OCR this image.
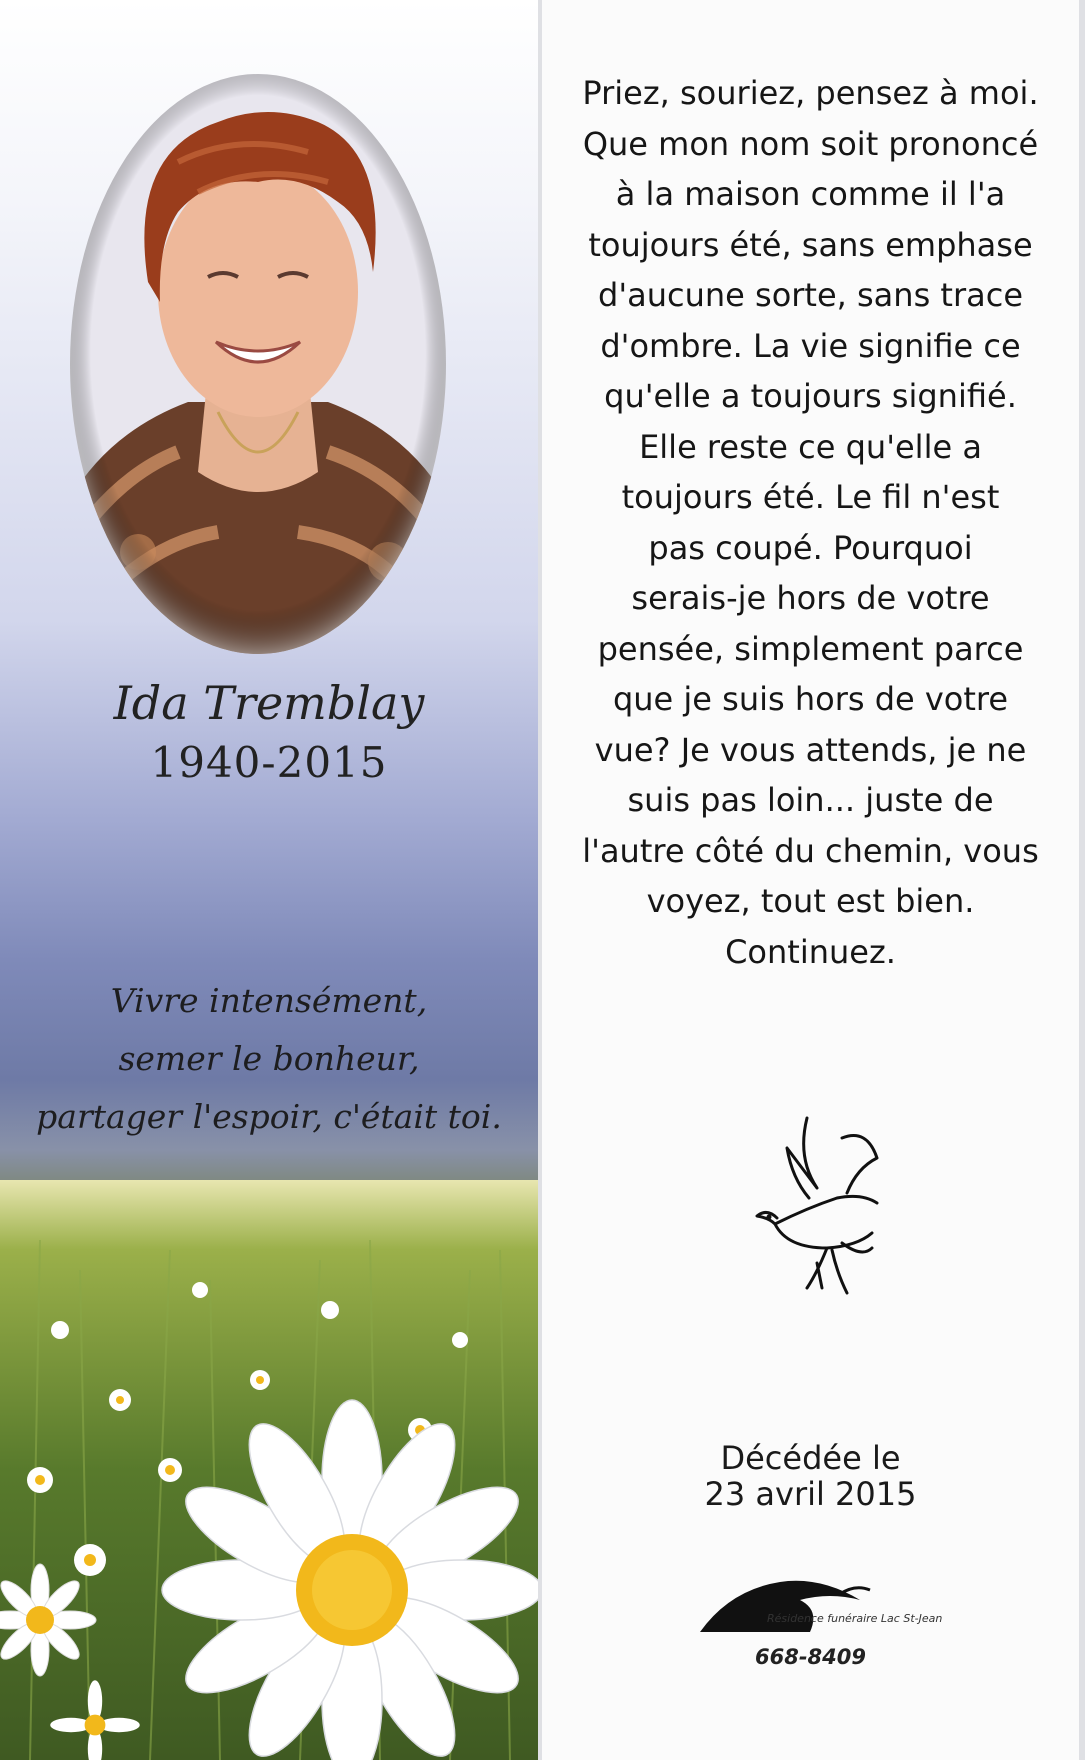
Ida Tremblay
1940-2015
Vivre intensément,
semer le bonheur,
partager l'espoir, c'était toi.
Priez, souriez, pensez à moi.
Que mon nom soit prononcé
à la maison comme il l'a
toujours été, sans emphase
d'aucune sorte, sans trace
d'ombre. La vie signifie ce
qu'elle a toujours signifié.
Elle reste ce qu'elle a
toujours été. Le fil n'est
pas coupé. Pourquoi
serais-je hors de votre
pensée, simplement parce
que je suis hors de votre
vue? Je vous attends, je ne
suis pas loin... juste de
l'autre côté du chemin, vous
voyez, tout est bien.
Continuez.
Décédée le
23 avril 2015
Résidence funéraire Lac St-Jean
668-8409
